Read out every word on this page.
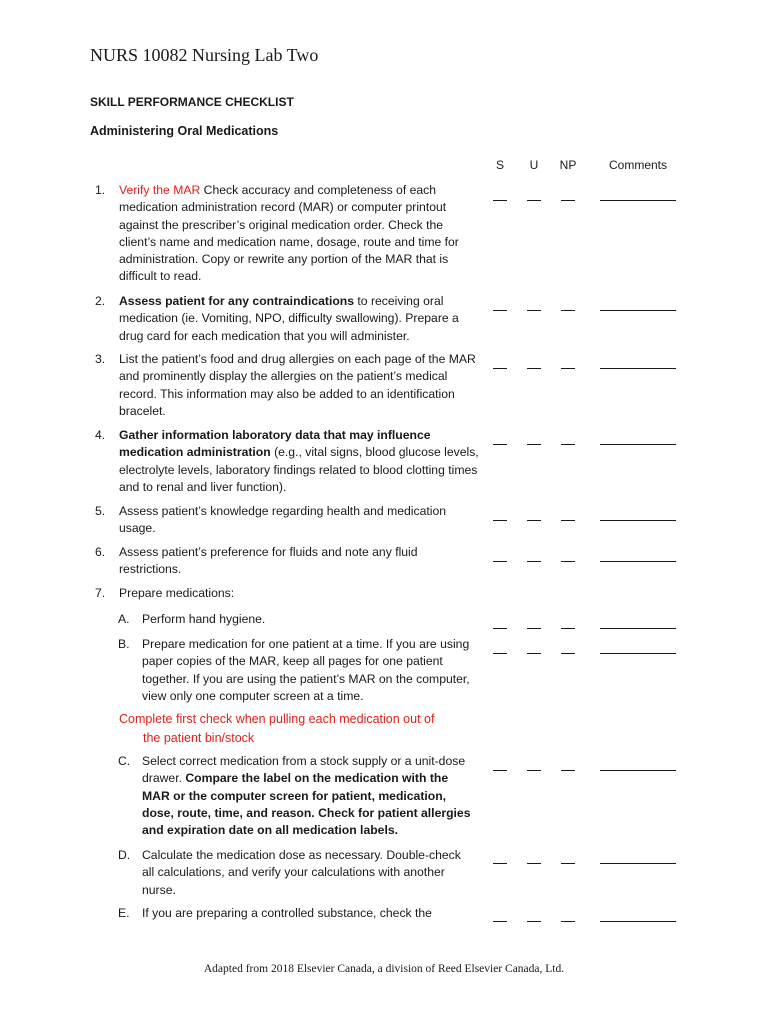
NURS 10082 Nursing Lab Two
SKILL PERFORMANCE CHECKLIST
Administering Oral Medications
S	U	NP	Comments
1.	Verify the MAR Check accuracy and completeness of each medication administration record (MAR) or computer printout against the prescriber’s original medication order. Check the client’s name and medication name, dosage, route and time for administration. Copy or rewrite any portion of the MAR that is difficult to read.
2.	Assess patient for any contraindications to receiving oral medication (ie. Vomiting, NPO, difficulty swallowing). Prepare a drug card for each medication that you will administer.
3.	List the patient’s food and drug allergies on each page of the MAR and prominently display the allergies on the patient’s medical record. This information may also be added to an identification bracelet.
4.	Gather information laboratory data that may influence medication administration (e.g., vital signs, blood glucose levels, electrolyte levels, laboratory findings related to blood clotting times and to renal and liver function).
5.	Assess patient’s knowledge regarding health and medication usage.
6.	Assess patient’s preference for fluids and note any fluid restrictions.
7.	Prepare medications:
A.	Perform hand hygiene.
B.	Prepare medication for one patient at a time. If you are using paper copies of the MAR, keep all pages for one patient together. If you are using the patient’s MAR on the computer, view only one computer screen at a time.
Complete first check when pulling each medication out of
the patient bin/stock
C. Select correct medication from a stock supply or a unit-dose drawer. Compare the label on the medication with the MAR or the computer screen for patient, medication, dose, route, time, and reason. Check for patient allergies and expiration date on all medication labels.
D. Calculate the medication dose as necessary. Double-check all calculations, and verify your calculations with another nurse.
E.	If you are preparing a controlled substance, check the
Adapted from 2018 Elsevier Canada, a division of Reed Elsevier Canada, Ltd.
